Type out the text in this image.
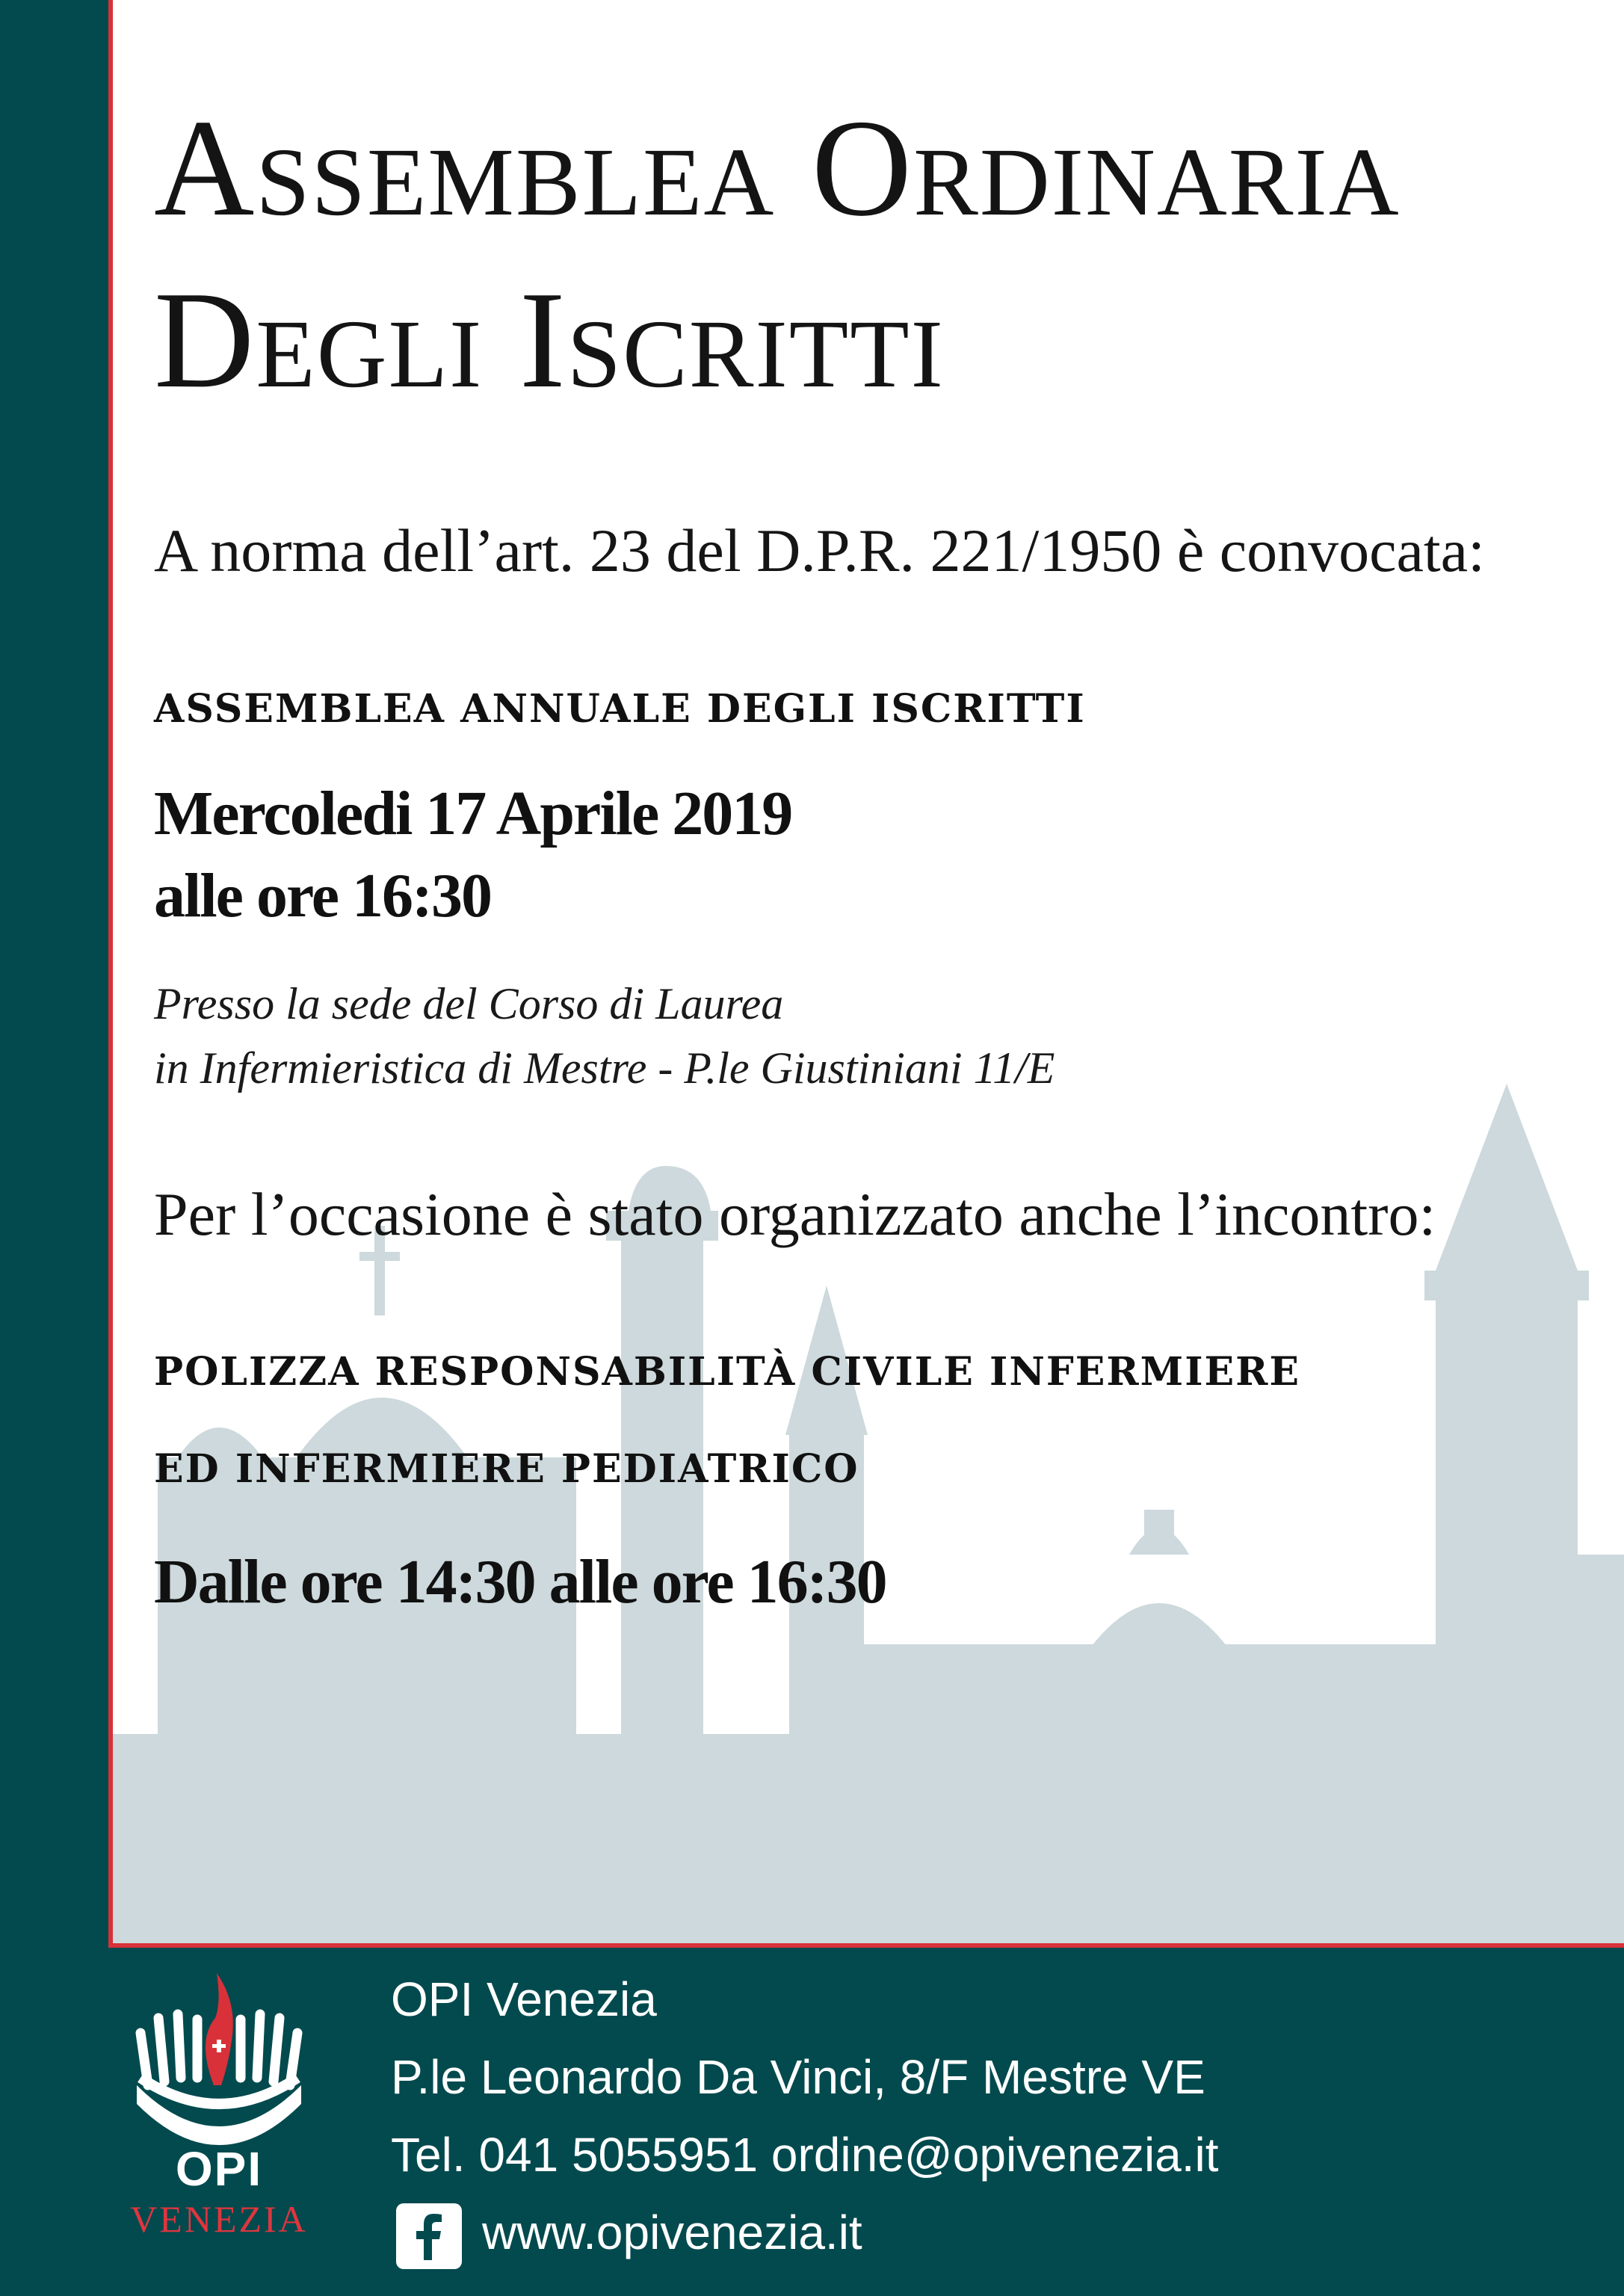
Assemblea Ordinaria
Degli Iscritti
A norma dell’art. 23 del D.P.R. 221/1950 è convocata:
ASSEMBLEA ANNUALE DEGLI ISCRITTI
Mercoledi 17 Aprile 2019
alle ore 16:30
Presso la sede del Corso di Laurea
in Infermieristica di Mestre - P.le Giustiniani 11/E
Per l’occasione è stato organizzato anche l’incontro:
POLIZZA RESPONSABILITÀ CIVILE INFERMIERE
ED INFERMIERE PEDIATRICO
Dalle ore 14:30 alle ore 16:30
OPI
VENEZIA
OPI Venezia
P.le Leonardo Da Vinci, 8/F Mestre VE
Tel. 041 5055951 ordine@opivenezia.it
www.opivenezia.it
